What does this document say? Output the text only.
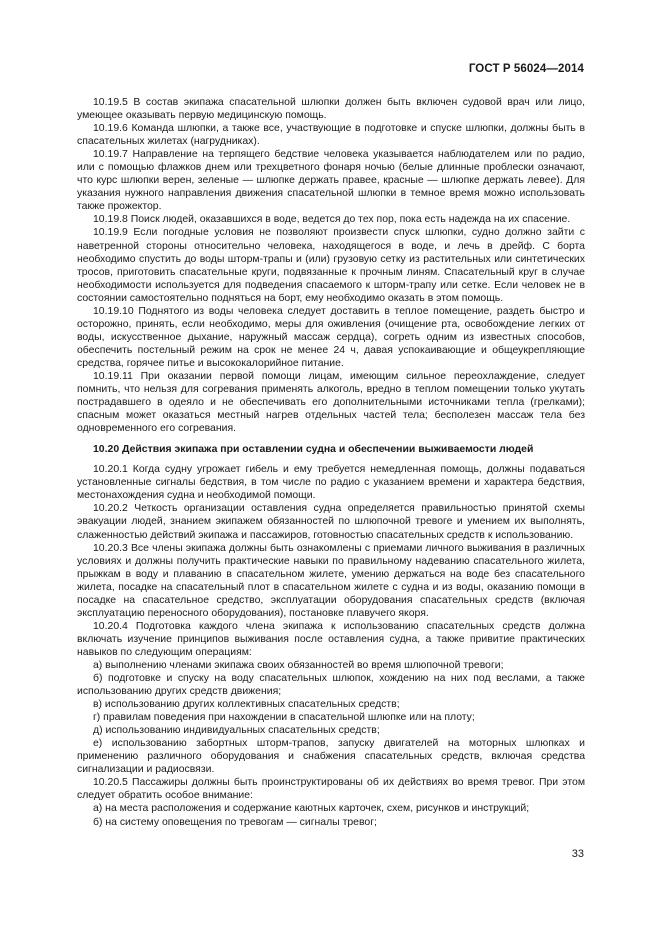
ГОСТ Р 56024—2014

10.19.5 В состав экипажа спасательной шлюпки должен быть включен судовой врач или лицо, умеющее оказывать первую медицинскую помощь.

10.19.6 Команда шлюпки, а также все, участвующие в подготовке и спуске шлюпки, должны быть в спасательных жилетах (нагрудниках).

10.19.7 Направление на терпящего бедствие человека указывается наблюдателем или по радио, или с помощью флажков днем или трехцветного фонаря ночью (белые длинные проблески означают, что курс шлюпки верен, зеленые — шлюпке держать правее, красные — шлюпке держать левее). Для указания нужного направления движения спасательной шлюпки в темное время можно использовать также прожектор.

10.19.8 Поиск людей, оказавшихся в воде, ведется до тех пор, пока есть надежда на их спасение.

10.19.9 Если погодные условия не позволяют произвести спуск шлюпки, судно должно зайти с наветренной стороны относительно человека, находящегося в воде, и лечь в дрейф. С борта необходимо спустить до воды шторм-трапы и (или) грузовую сетку из растительных или синтетических тросов, приготовить спасательные круги, подвязанные к прочным линям. Спасательный круг в случае необходимости используется для подведения спасаемого к шторм-трапу или сетке. Если человек не в состоянии самостоятельно подняться на борт, ему необходимо оказать в этом помощь.

10.19.10 Поднятого из воды человека следует доставить в теплое помещение, раздеть быстро и осторожно, принять, если необходимо, меры для оживления (очищение рта, освобождение легких от воды, искусственное дыхание, наружный массаж сердца), согреть одним из известных способов, обеспечить постельный режим на срок не менее 24 ч, давая успокаивающие и общеукрепляющие средства, горячее питье и высококалорийное питание.

10.19.11 При оказании первой помощи лицам, имеющим сильное переохлаждение, следует помнить, что нельзя для согревания применять алкоголь, вредно в теплом помещении только укутать пострадавшего в одеяло и не обеспечивать его дополнительными источниками тепла (грелками); спасным может оказаться местный нагрев отдельных частей тела; бесполезен массаж тела без одновременного его согревания.

10.20 Действия экипажа при оставлении судна и обеспечении выживаемости людей

10.20.1 Когда судну угрожает гибель и ему требуется немедленная помощь, должны подаваться установленные сигналы бедствия, в том числе по радио с указанием времени и характера бедствия, местонахождения судна и необходимой помощи.

10.20.2 Четкость организации оставления судна определяется правильностью принятой схемы эвакуации людей, знанием экипажем обязанностей по шлюпочной тревоге и умением их выполнять, слаженностью действий экипажа и пассажиров, готовностью спасательных средств к использованию.

10.20.3 Все члены экипажа должны быть ознакомлены с приемами личного выживания в различных условиях и должны получить практические навыки по правильному надеванию спасательного жилета, прыжкам в воду и плаванию в спасательном жилете, умению держаться на воде без спасательного жилета, посадке на спасательный плот в спасательном жилете с судна и из воды, оказанию помощи в посадке на спасательное средство, эксплуатации оборудования спасательных средств (включая эксплуатацию переносного оборудования), постановке плавучего якоря.

10.20.4 Подготовка каждого члена экипажа к использованию спасательных средств должна включать изучение принципов выживания после оставления судна, а также привитие практических навыков по следующим операциям:

а) выполнению членами экипажа своих обязанностей во время шлюпочной тревоги;

б) подготовке и спуску на воду спасательных шлюпок, хождению на них под веслами, а также использованию других средств движения;

в) использованию других коллективных спасательных средств;

г) правилам поведения при нахождении в спасательной шлюпке или на плоту;

д) использованию индивидуальных спасательных средств;

е) использованию забортных шторм-трапов, запуску двигателей на моторных шлюпках и применению различного оборудования и снабжения спасательных средств, включая средства сигнализации и радиосвязи.

10.20.5 Пассажиры должны быть проинструктированы об их действиях во время тревог. При этом следует обратить особое внимание:

а) на места расположения и содержание каютных карточек, схем, рисунков и инструкций;

б) на систему оповещения по тревогам — сигналы тревог;

33
